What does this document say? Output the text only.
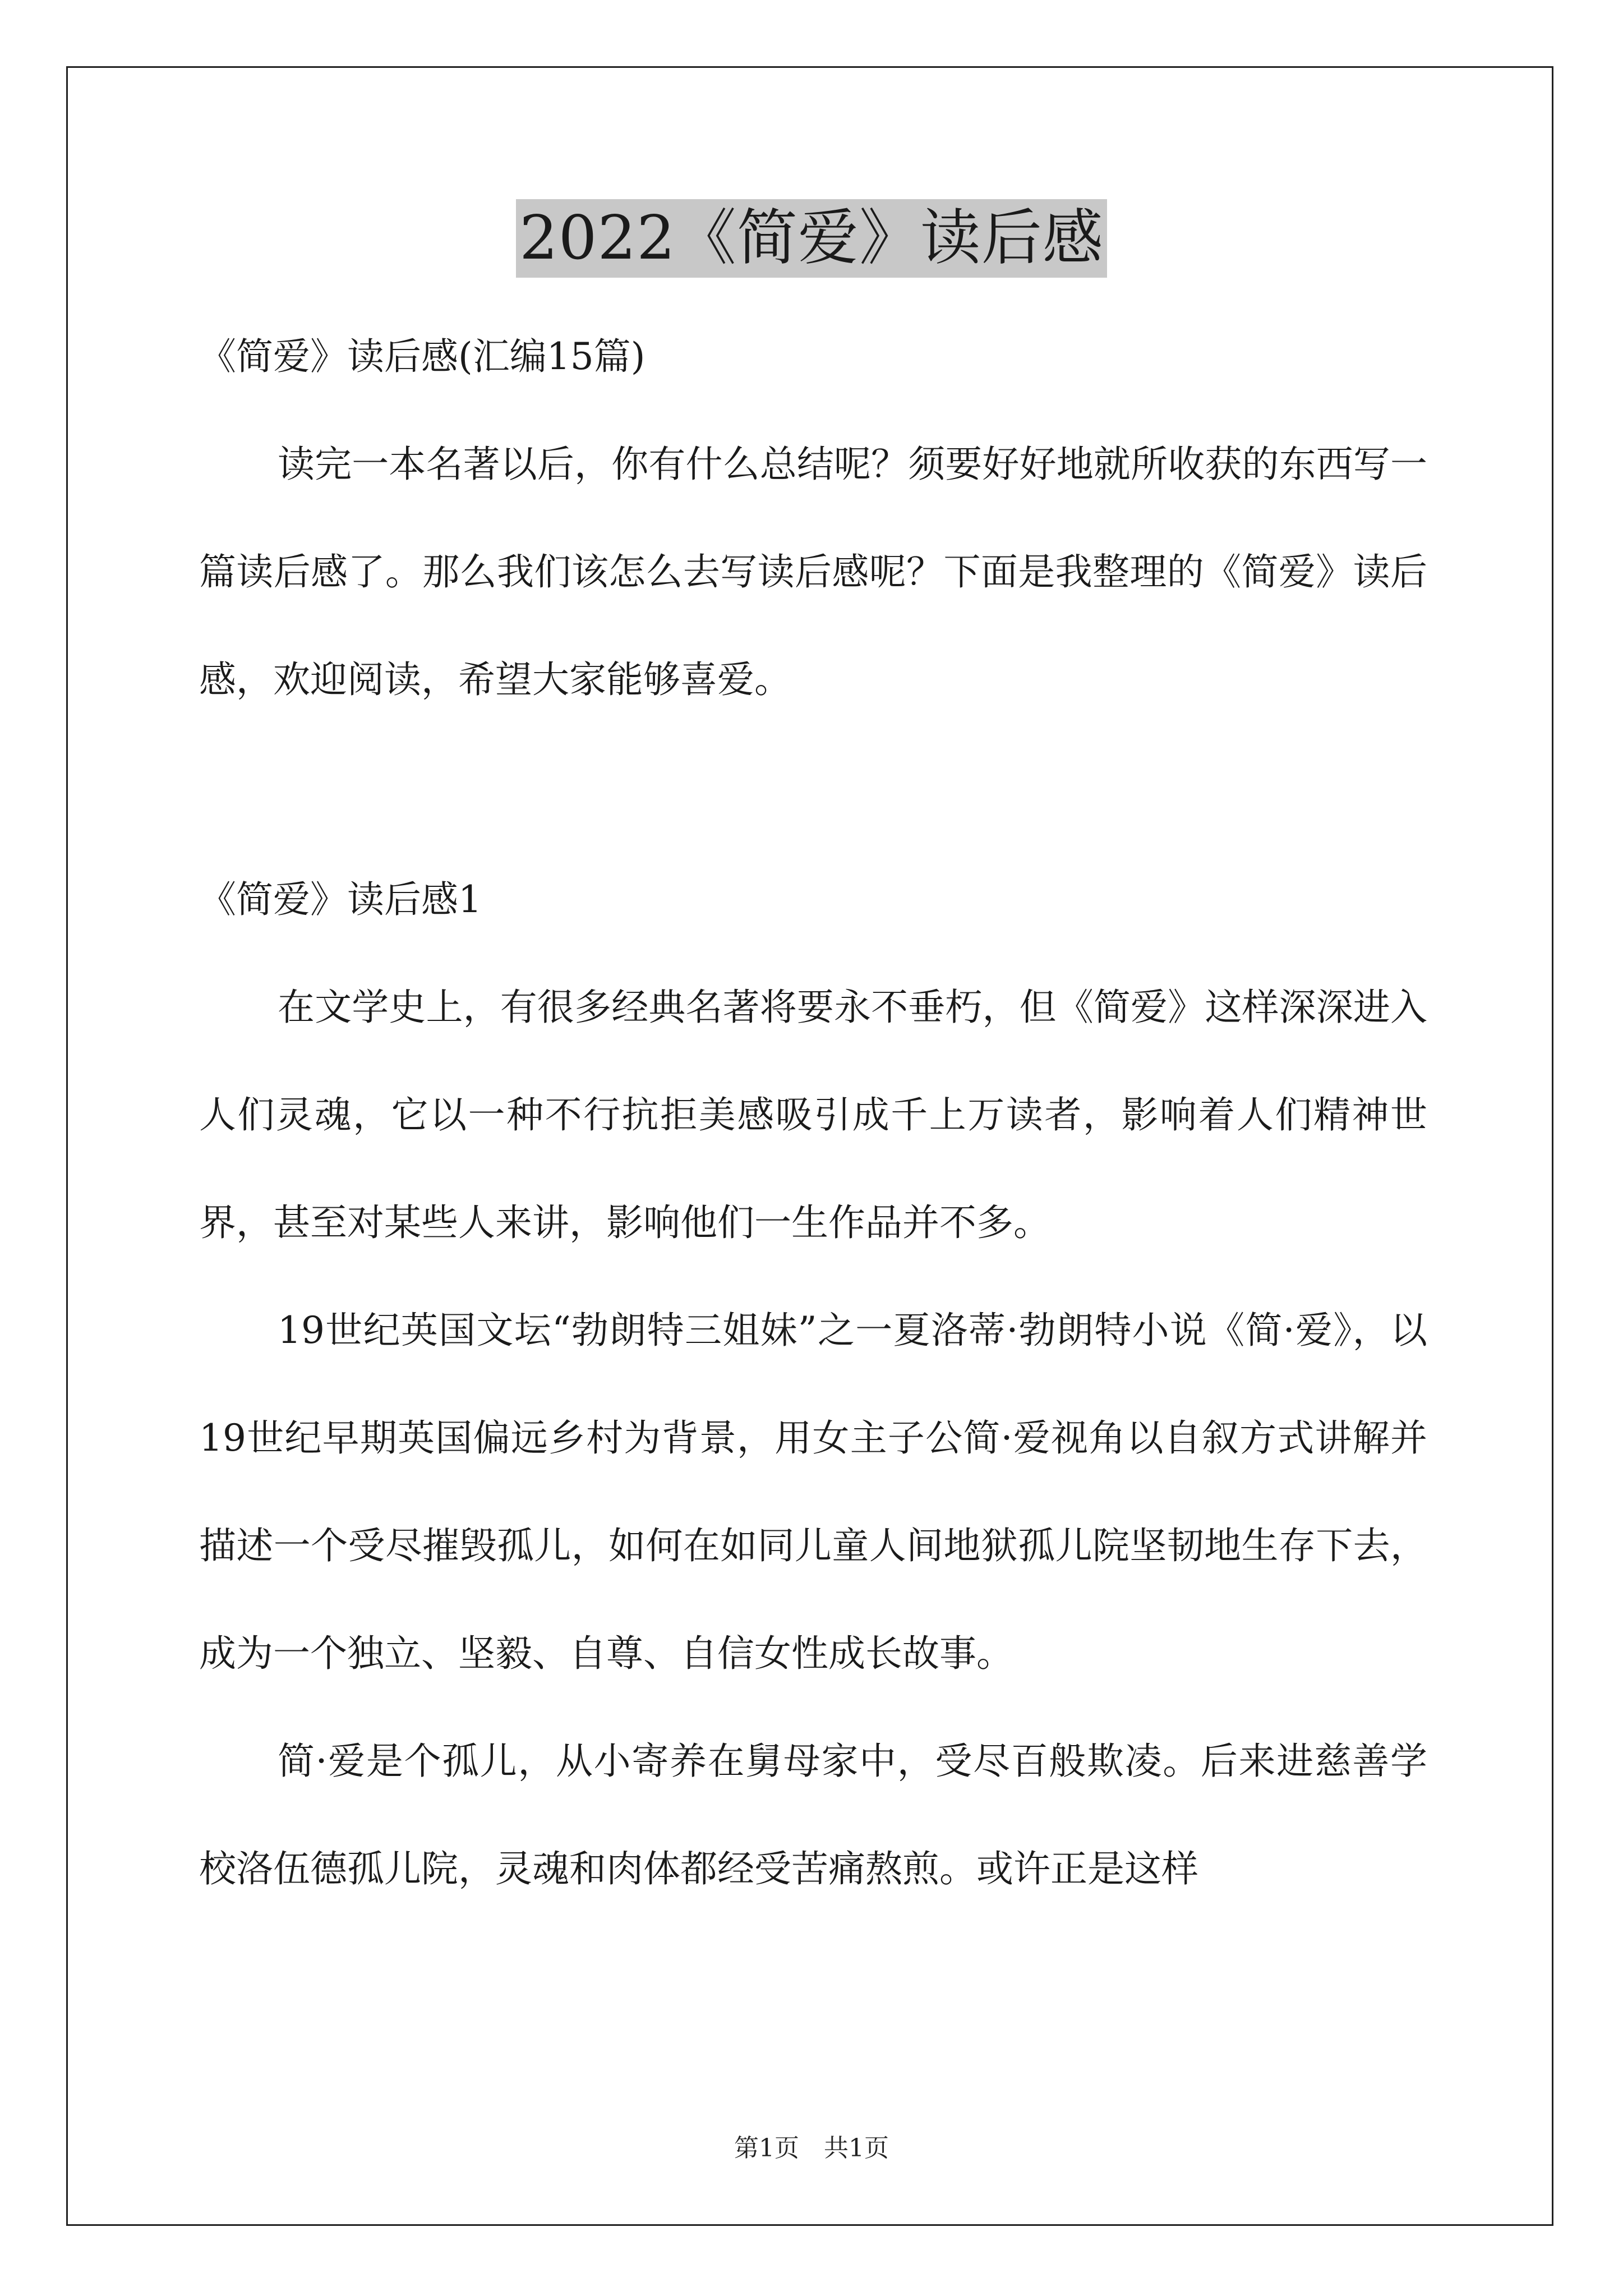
2022《简爱》读后感

《简爱》读后感(汇编15篇)

读完一本名著以后，你有什么总结呢？须要好好地就所收获的东西写一篇读后感了。那么我们该怎么去写读后感呢？下面是我整理的《简爱》读后感，欢迎阅读，希望大家能够喜爱。

《简爱》读后感1

在文学史上，有很多经典名著将要永不垂朽，但《简爱》这样深深进入人们灵魂，它以一种不行抗拒美感吸引成千上万读者，影响着人们精神世界，甚至对某些人来讲，影响他们一生作品并不多。

19世纪英国文坛“勃朗特三姐妹”之一夏洛蒂·勃朗特小说《简·爱》，以19世纪早期英国偏远乡村为背景，用女主子公简·爱视角以自叙方式讲解并描述一个受尽摧毁孤儿，如何在如同儿童人间地狱孤儿院坚韧地生存下去，成为一个独立、坚毅、自尊、自信女性成长故事。

简·爱是个孤儿，从小寄养在舅母家中，受尽百般欺凌。后来进慈善学校洛伍德孤儿院，灵魂和肉体都经受苦痛熬煎。或许正是这样

第1页　共1页
